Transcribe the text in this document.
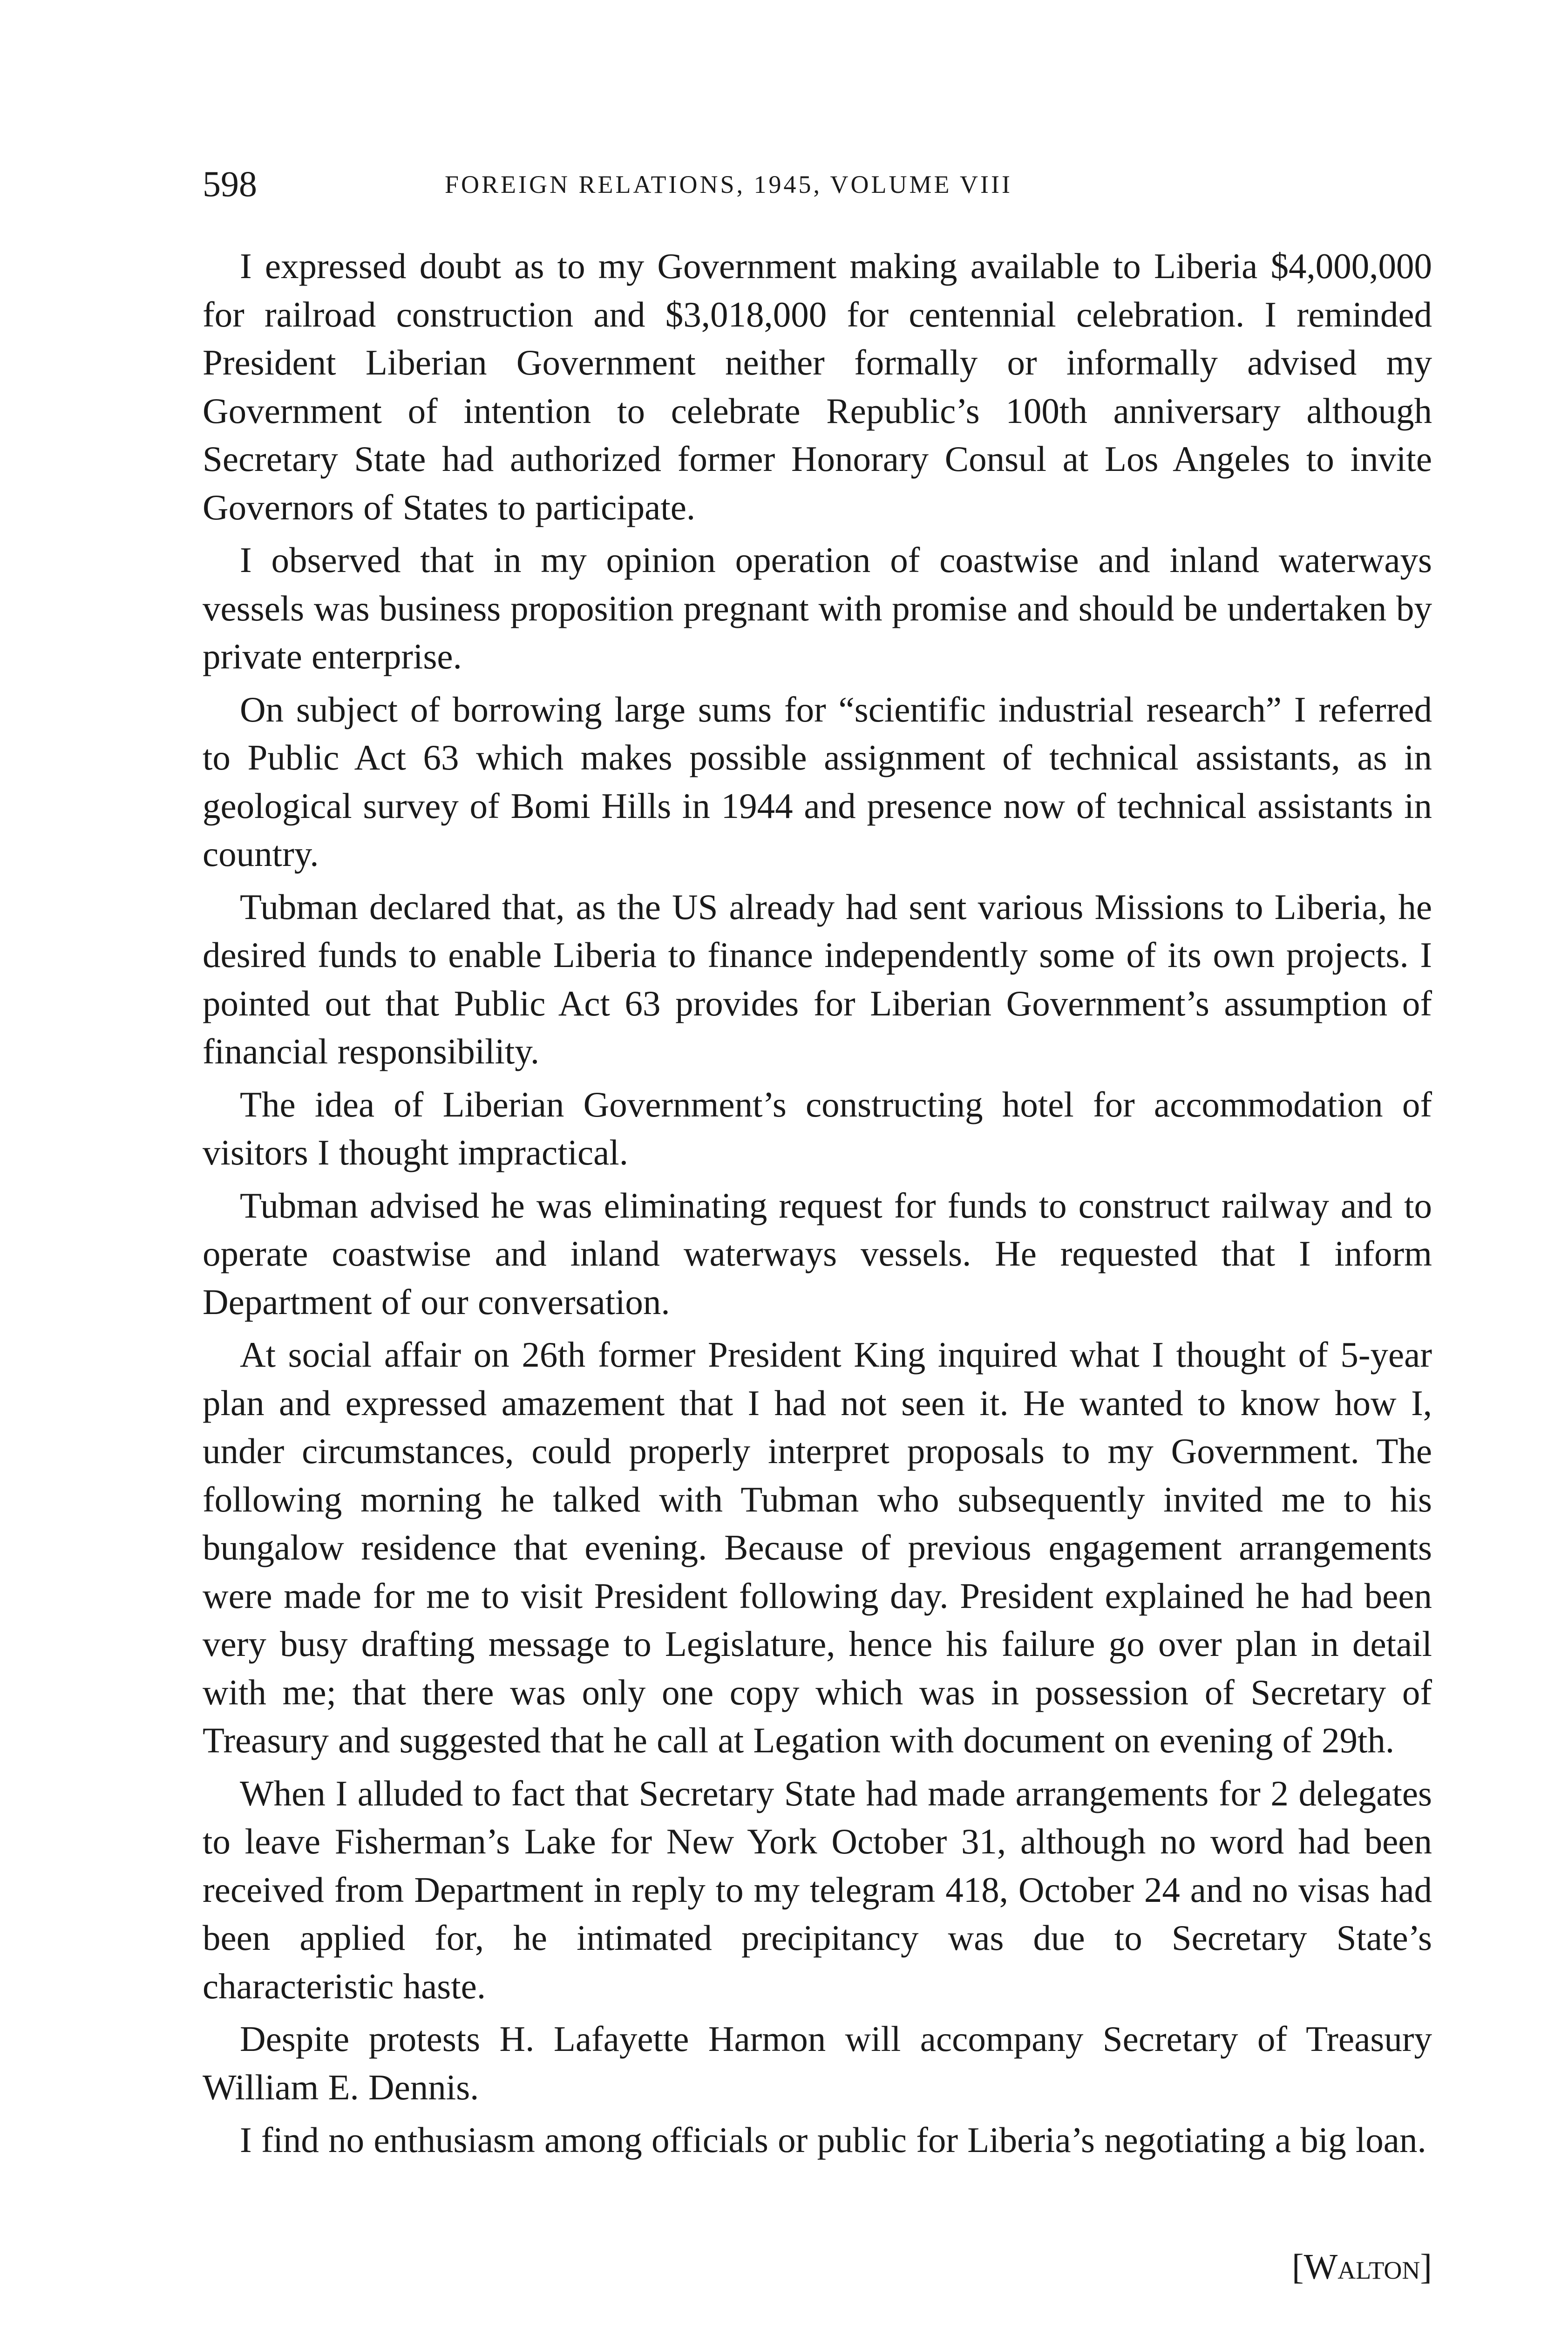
598	FOREIGN RELATIONS, 1945, VOLUME VIII

I expressed doubt as to my Government making available to Liberia $4,000,000 for railroad construction and $3,018,000 for centennial celebration. I reminded President Liberian Government neither formally or informally advised my Government of intention to celebrate Republic’s 100th anniversary although Secretary State had authorized former Honorary Consul at Los Angeles to invite Governors of States to participate.

I observed that in my opinion operation of coastwise and inland waterways vessels was business proposition pregnant with promise and should be undertaken by private enterprise.

On subject of borrowing large sums for “scientific industrial research” I referred to Public Act 63 which makes possible assignment of technical assistants, as in geological survey of Bomi Hills in 1944 and presence now of technical assistants in country.

Tubman declared that, as the US already had sent various Missions to Liberia, he desired funds to enable Liberia to finance independently some of its own projects. I pointed out that Public Act 63 provides for Liberian Government’s assumption of financial responsibility.

The idea of Liberian Government’s constructing hotel for accommodation of visitors I thought impractical.

Tubman advised he was eliminating request for funds to construct railway and to operate coastwise and inland waterways vessels. He requested that I inform Department of our conversation.

At social affair on 26th former President King inquired what I thought of 5-year plan and expressed amazement that I had not seen it. He wanted to know how I, under circumstances, could properly interpret proposals to my Government. The following morning he talked with Tubman who subsequently invited me to his bungalow residence that evening. Because of previous engagement arrangements were made for me to visit President following day. President explained he had been very busy drafting message to Legislature, hence his failure go over plan in detail with me; that there was only one copy which was in possession of Secretary of Treasury and suggested that he call at Legation with document on evening of 29th.

When I alluded to fact that Secretary State had made arrangements for 2 delegates to leave Fisherman’s Lake for New York October 31, although no word had been received from Department in reply to my telegram 418, October 24 and no visas had been applied for, he intimated precipitancy was due to Secretary State’s characteristic haste.

Despite protests H. Lafayette Harmon will accompany Secretary of Treasury William E. Dennis.

I find no enthusiasm among officials or public for Liberia’s negotiating a big loan.

[Walton]
